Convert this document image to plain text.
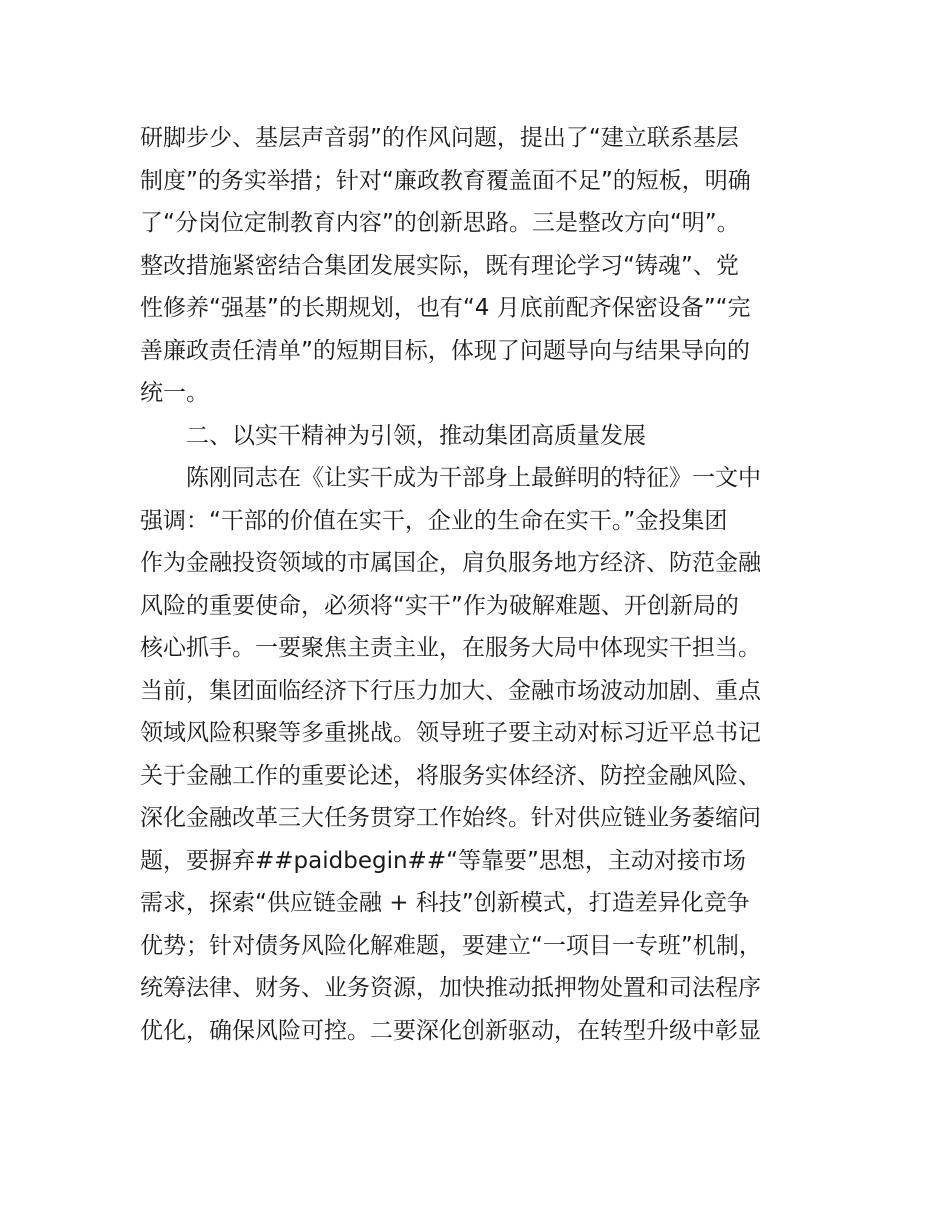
研脚步少、基层声音弱”的作风问题，提出了“建立联系基层
制度”的务实举措；针对“廉政教育覆盖面不足”的短板，明确
了“分岗位定制教育内容”的创新思路。三是整改方向“明”。
整改措施紧密结合集团发展实际，既有理论学习“铸魂”、党
性修养“强基”的长期规划，也有“4 月底前配齐保密设备”“完
善廉政责任清单”的短期目标，体现了问题导向与结果导向的
统一。
二、以实干精神为引领，推动集团高质量发展
陈刚同志在《让实干成为干部身上最鲜明的特征》一文中
强调：“干部的价值在实干，企业的生命在实干。”金投集团
作为金融投资领域的市属国企，肩负服务地方经济、防范金融
风险的重要使命，必须将“实干”作为破解难题、开创新局的
核心抓手。一要聚焦主责主业，在服务大局中体现实干担当。
当前，集团面临经济下行压力加大、金融市场波动加剧、重点
领域风险积聚等多重挑战。领导班子要主动对标习近平总书记
关于金融工作的重要论述，将服务实体经济、防控金融风险、
深化金融改革三大任务贯穿工作始终。针对供应链业务萎缩问
题，要摒弃##paidbegin##“等靠要”思想，主动对接市场
需求，探索“供应链金融 + 科技”创新模式，打造差异化竞争
优势；针对债务风险化解难题，要建立“一项目一专班”机制，
统筹法律、财务、业务资源，加快推动抵押物处置和司法程序
优化，确保风险可控。二要深化创新驱动，在转型升级中彰显
